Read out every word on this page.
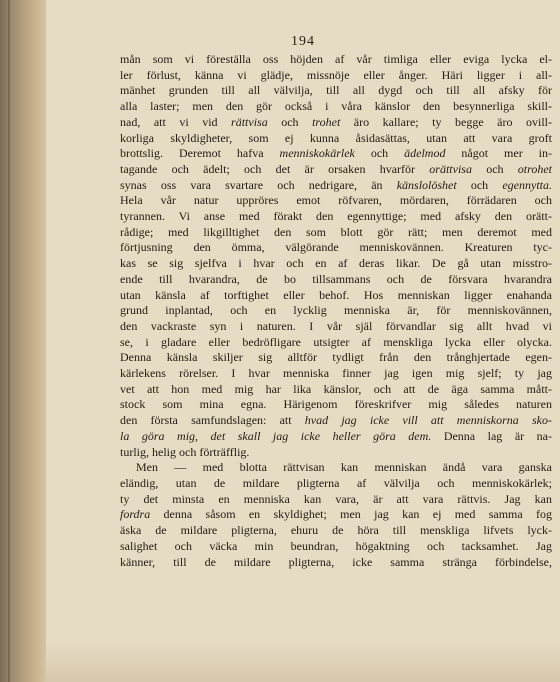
194
mån som vi föreställa oss höjden af vår timliga eller eviga lycka el-
ler förlust, känna vi glädje, missnöje eller ånger. Häri ligger i all-
mänhet grunden till all välvilja, till all dygd och till all afsky för
alla laster; men den gör också i våra känslor den besynnerliga skill-
nad, att vi vid rättvisa och trohet äro kallare; ty begge äro ovill-
korliga skyldigheter, som ej kunna åsidasättas, utan att vara groft
brottslig. Deremot hafva menniskokärlek och ädelmod något mer in-
tagande och ädelt; och det är orsaken hvarför orättvisa och otrohet
synas oss vara svartare och nedrigare, än känslolöshet och egennytta.
Hela vår natur uppröres emot röfvaren, mördaren, förrädaren och
tyrannen. Vi anse med förakt den egennyttige; med afsky den orätt-
rådige; med likgilltighet den som blott gör rätt; men deremot med
förtjusning den ömma, välgörande menniskovännen. Kreaturen tyc-
kas se sig sjelfva i hvar och en af deras likar. De gå utan misstro-
ende till hvarandra, de bo tillsammans och de försvara hvarandra
utan känsla af torftighet eller behof. Hos menniskan ligger enahanda
grund inplantad, och en lycklig menniska är, för menniskovännen,
den vackraste syn i naturen. I vår själ förvandlar sig allt hvad vi
se, i gladare eller bedröfligare utsigter af menskliga lycka eller olycka.
Denna känsla skiljer sig alltför tydligt från den trånghjertade egen-
kärlekens rörelser. I hvar menniska finner jag igen mig sjelf; ty jag
vet att hon med mig har lika känslor, och att de äga samma mått-
stock som mina egna. Härigenom föreskrifver mig således naturen
den första samfundslagen: att hvad jag icke vill att menniskorna sko-
la göra mig, det skall jag icke heller göra dem. Denna lag är na-
turlig, helig och förträfflig.
Men — med blotta rättvisan kan menniskan ändå vara ganska
eländig, utan de mildare pligterna af välvilja och menniskokärlek;
ty det minsta en menniska kan vara, är att vara rättvis. Jag kan
fordra denna såsom en skyldighet; men jag kan ej med samma fog
äska de mildare pligterna, ehuru de höra till menskliga lifvets lyck-
salighet och väcka min beundran, högaktning och tacksamhet. Jag
känner, till de mildare pligterna, icke samma stränga förbindelse,
